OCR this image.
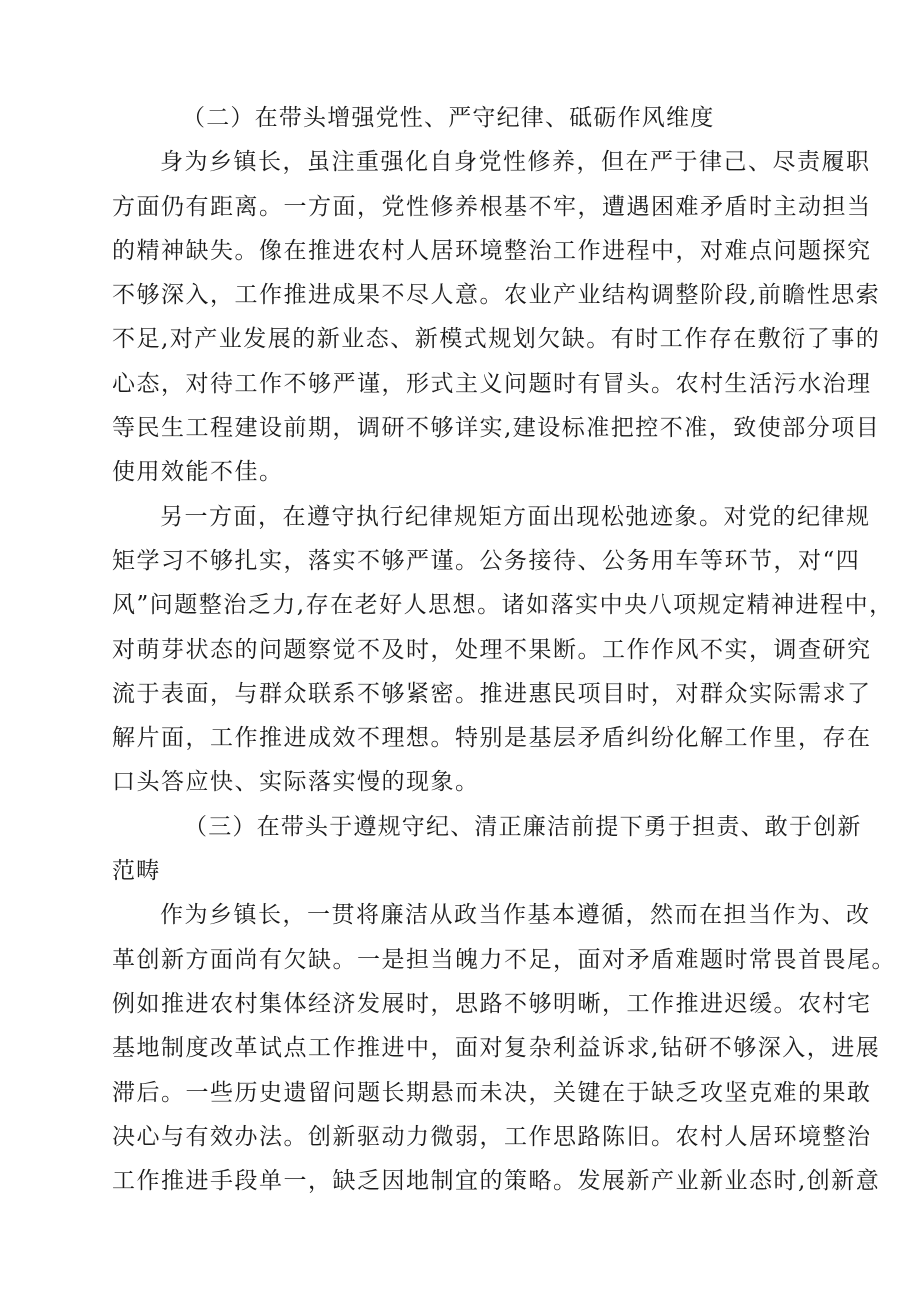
（二）在带头增强党性、严守纪律、砥砺作风维度
身为乡镇长，虽注重强化自身党性修养，但在严于律己、尽责履职
方面仍有距离。一方面，党性修养根基不牢，遭遇困难矛盾时主动担当
的精神缺失。像在推进农村人居环境整治工作进程中，对难点问题探究
不够深入，工作推进成果不尽人意。农业产业结构调整阶段,前瞻性思索
不足,对产业发展的新业态、新模式规划欠缺。有时工作存在敷衍了事的
心态，对待工作不够严谨，形式主义问题时有冒头。农村生活污水治理
等民生工程建设前期，调研不够详实,建设标准把控不准，致使部分项目
使用效能不佳。
另一方面，在遵守执行纪律规矩方面出现松弛迹象。对党的纪律规
矩学习不够扎实，落实不够严谨。公务接待、公务用车等环节，对“四
风”问题整治乏力,存在老好人思想。诸如落实中央八项规定精神进程中，
对萌芽状态的问题察觉不及时，处理不果断。工作作风不实，调查研究
流于表面，与群众联系不够紧密。推进惠民项目时，对群众实际需求了
解片面，工作推进成效不理想。特别是基层矛盾纠纷化解工作里，存在
口头答应快、实际落实慢的现象。
（三）在带头于遵规守纪、清正廉洁前提下勇于担责、敢于创新
范畴
作为乡镇长，一贯将廉洁从政当作基本遵循，然而在担当作为、改
革创新方面尚有欠缺。一是担当魄力不足，面对矛盾难题时常畏首畏尾。
例如推进农村集体经济发展时，思路不够明晰，工作推进迟缓。农村宅
基地制度改革试点工作推进中，面对复杂利益诉求,钻研不够深入，进展
滞后。一些历史遗留问题长期悬而未决，关键在于缺乏攻坚克难的果敢
决心与有效办法。创新驱动力微弱，工作思路陈旧。农村人居环境整治
工作推进手段单一，缺乏因地制宜的策略。发展新产业新业态时,创新意
